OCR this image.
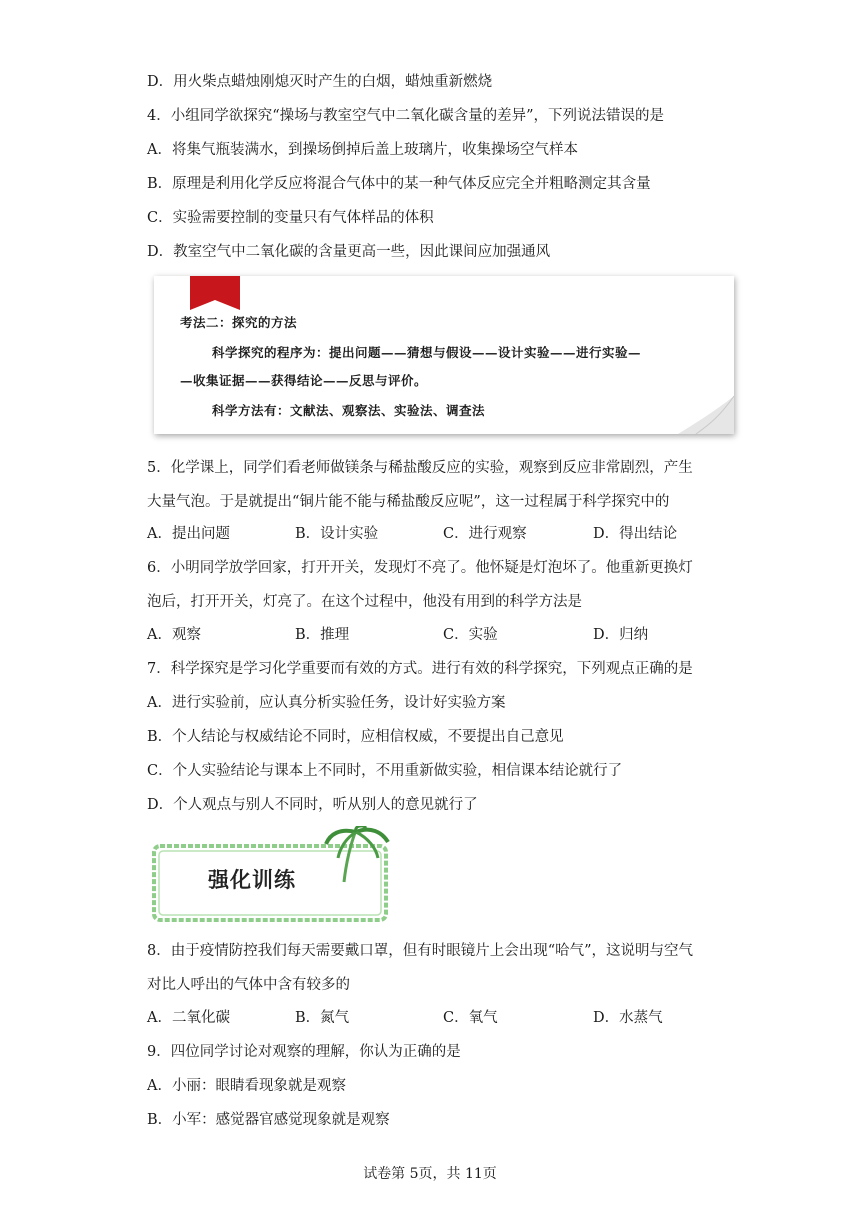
D．用火柴点蜡烛刚熄灭时产生的白烟，蜡烛重新燃烧
4．小组同学欲探究“操场与教室空气中二氧化碳含量的差异”，下列说法错误的是
A．将集气瓶装满水，到操场倒掉后盖上玻璃片，收集操场空气样本
B．原理是利用化学反应将混合气体中的某一种气体反应完全并粗略测定其含量
C．实验需要控制的变量只有气体样品的体积
D．教室空气中二氧化碳的含量更高一些，因此课间应加强通风
考法二：探究的方法
科学探究的程序为：提出问题——猜想与假设——设计实验——进行实验—
—收集证据——获得结论——反思与评价。
科学方法有：文献法、观察法、实验法、调查法
5．化学课上，同学们看老师做镁条与稀盐酸反应的实验，观察到反应非常剧烈，产生
大量气泡。于是就提出“铜片能不能与稀盐酸反应呢”，这一过程属于科学探究中的
A．提出问题	B．设计实验	C．进行观察	D．得出结论
6．小明同学放学回家，打开开关，发现灯不亮了。他怀疑是灯泡坏了。他重新更换灯
泡后，打开开关，灯亮了。在这个过程中，他没有用到的科学方法是
A．观察	B．推理	C．实验	D．归纳
7．科学探究是学习化学重要而有效的方式。进行有效的科学探究，下列观点正确的是
A．进行实验前，应认真分析实验任务，设计好实验方案
B．个人结论与权威结论不同时，应相信权威，不要提出自己意见
C．个人实验结论与课本上不同时，不用重新做实验，相信课本结论就行了
D．个人观点与别人不同时，听从别人的意见就行了
强化训练
8．由于疫情防控我们每天需要戴口罩，但有时眼镜片上会出现“哈气”，这说明与空气
对比人呼出的气体中含有较多的
A．二氧化碳	B．氮气	C．氧气	D．水蒸气
9．四位同学讨论对观察的理解，你认为正确的是
A．小丽：眼睛看现象就是观察
B．小军：感觉器官感觉现象就是观察
试卷第 5页，共 11页
